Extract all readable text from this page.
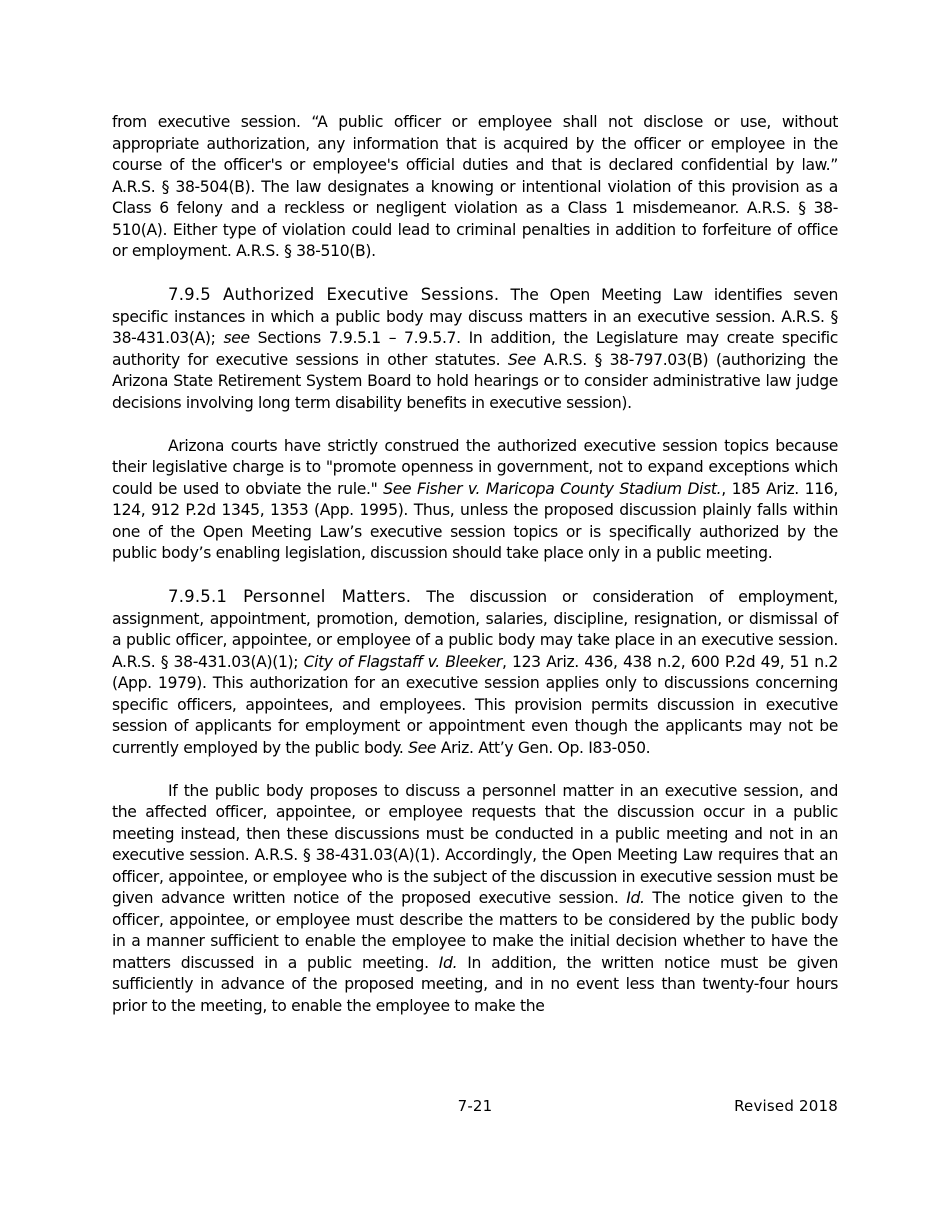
from executive session. “A public officer or employee shall not disclose or use, without appropriate authorization, any information that is acquired by the officer or employee in the course of the officer's or employee's official duties and that is declared confidential by law.” A.R.S. § 38-504(B). The law designates a knowing or intentional violation of this provision as a Class 6 felony and a reckless or negligent violation as a Class 1 misdemeanor. A.R.S. § 38-510(A). Either type of violation could lead to criminal penalties in addition to forfeiture of office or employment. A.R.S. § 38-510(B).

7.9.5 Authorized Executive Sessions. The Open Meeting Law identifies seven specific instances in which a public body may discuss matters in an executive session. A.R.S. § 38-431.03(A); see Sections 7.9.5.1 – 7.9.5.7. In addition, the Legislature may create specific authority for executive sessions in other statutes. See A.R.S. § 38-797.03(B) (authorizing the Arizona State Retirement System Board to hold hearings or to consider administrative law judge decisions involving long term disability benefits in executive session).

Arizona courts have strictly construed the authorized executive session topics because their legislative charge is to "promote openness in government, not to expand exceptions which could be used to obviate the rule." See Fisher v. Maricopa County Stadium Dist., 185 Ariz. 116, 124, 912 P.2d 1345, 1353 (App. 1995). Thus, unless the proposed discussion plainly falls within one of the Open Meeting Law’s executive session topics or is specifically authorized by the public body’s enabling legislation, discussion should take place only in a public meeting.

7.9.5.1 Personnel Matters. The discussion or consideration of employment, assignment, appointment, promotion, demotion, salaries, discipline, resignation, or dismissal of a public officer, appointee, or employee of a public body may take place in an executive session. A.R.S. § 38-431.03(A)(1); City of Flagstaff v. Bleeker, 123 Ariz. 436, 438 n.2, 600 P.2d 49, 51 n.2 (App. 1979). This authorization for an executive session applies only to discussions concerning specific officers, appointees, and employees. This provision permits discussion in executive session of applicants for employment or appointment even though the applicants may not be currently employed by the public body. See Ariz. Att’y Gen. Op. I83-050.

If the public body proposes to discuss a personnel matter in an executive session, and the affected officer, appointee, or employee requests that the discussion occur in a public meeting instead, then these discussions must be conducted in a public meeting and not in an executive session. A.R.S. § 38-431.03(A)(1). Accordingly, the Open Meeting Law requires that an officer, appointee, or employee who is the subject of the discussion in executive session must be given advance written notice of the proposed executive session. Id. The notice given to the officer, appointee, or employee must describe the matters to be considered by the public body in a manner sufficient to enable the employee to make the initial decision whether to have the matters discussed in a public meeting. Id. In addition, the written notice must be given sufficiently in advance of the proposed meeting, and in no event less than twenty-four hours prior to the meeting, to enable the employee to make the

7-21	Revised 2018
